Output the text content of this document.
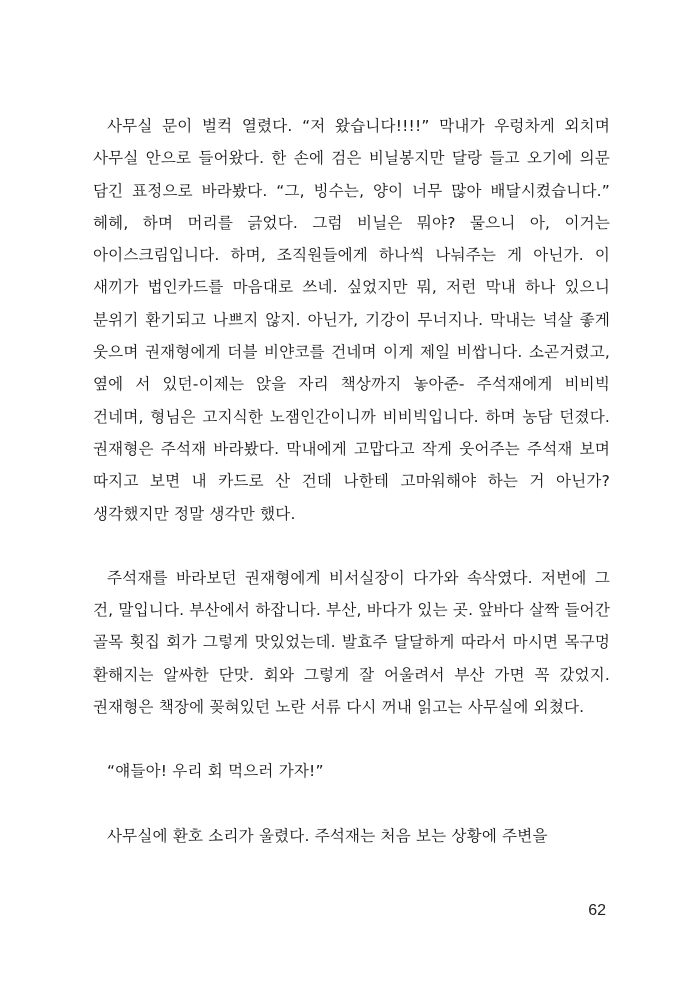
사무실 문이 벌컥 열렸다. “저 왔습니다!!!!” 막내가 우렁차게 외치며 사무실 안으로 들어왔다. 한 손에 검은 비닐봉지만 달랑 들고 오기에 의문 담긴 표정으로 바라봤다. “그, 빙수는, 양이 너무 많아 배달시켰습니다.” 헤헤, 하며 머리를 긁었다. 그럼 비닐은 뭐야? 물으니 아, 이거는 아이스크림입니다. 하며, 조직원들에게 하나씩 나눠주는 게 아닌가. 이 새끼가 법인카드를 마음대로 쓰네. 싶었지만 뭐, 저런 막내 하나 있으니 분위기 환기되고 나쁘지 않지. 아닌가, 기강이 무너지나. 막내는 넉살 좋게 웃으며 권재형에게 더블 비얀코를 건네며 이게 제일 비쌉니다. 소곤거렸고, 옆에 서 있던-이제는 앉을 자리 책상까지 놓아준- 주석재에게 비비빅 건네며, 형님은 고지식한 노잼인간이니까 비비빅입니다. 하며 농담 던졌다. 권재형은 주석재 바라봤다. 막내에게 고맙다고 작게 웃어주는 주석재 보며 따지고 보면 내 카드로 산 건데 나한테 고마워해야 하는 거 아닌가? 생각했지만 정말 생각만 했다.

주석재를 바라보던 권재형에게 비서실장이 다가와 속삭였다. 저번에 그 건, 말입니다. 부산에서 하잡니다. 부산, 바다가 있는 곳. 앞바다 살짝 들어간 골목 횟집 회가 그렇게 맛있었는데. 발효주 달달하게 따라서 마시면 목구멍 환해지는 알싸한 단맛. 회와 그렇게 잘 어울려서 부산 가면 꼭 갔었지. 권재형은 책장에 꽂혀있던 노란 서류 다시 꺼내 읽고는 사무실에 외쳤다.

“얘들아! 우리 회 먹으러 가자!”

사무실에 환호 소리가 울렸다. 주석재는 처음 보는 상황에 주변을

62
